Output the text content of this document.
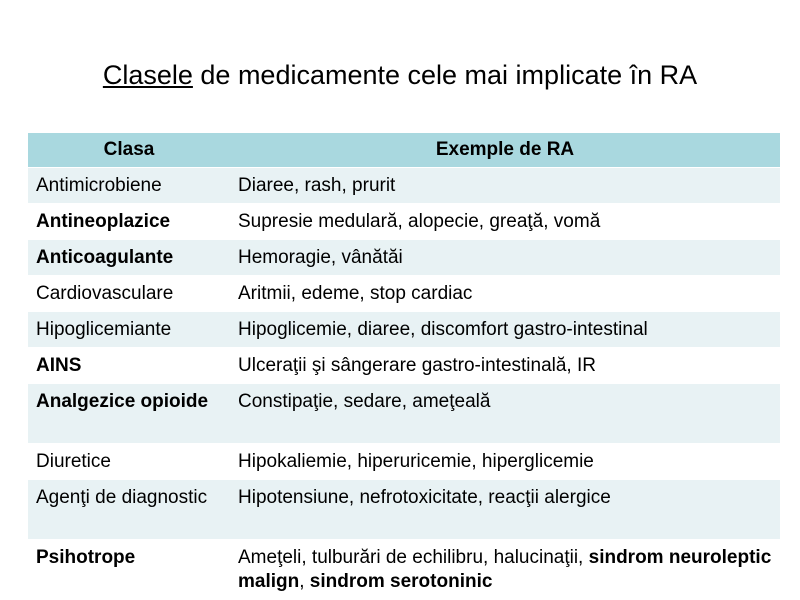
Clasele de medicamente cele mai implicate în RA
Clasa	Exemple de RA
Antimicrobiene	Diaree, rash, prurit
Antineoplazice	Supresie medulară, alopecie, greaţă, vomă
Anticoagulante	Hemoragie, vânătăi
Cardiovasculare	Aritmii, edeme, stop cardiac
Hipoglicemiante	Hipoglicemie, diaree, discomfort gastro-intestinal
AINS	Ulceraţii şi sângerare gastro-intestinală, IR
Analgezice opioide	Constipaţie, sedare, ameţeală
Diuretice	Hipokaliemie, hiperuricemie, hiperglicemie
Agenţi de diagnostic	Hipotensiune, nefrotoxicitate, reacţii alergice
Psihotrope	Ameţeli, tulburări de echilibru, halucinaţii, sindrom neuroleptic malign, sindrom serotoninic
